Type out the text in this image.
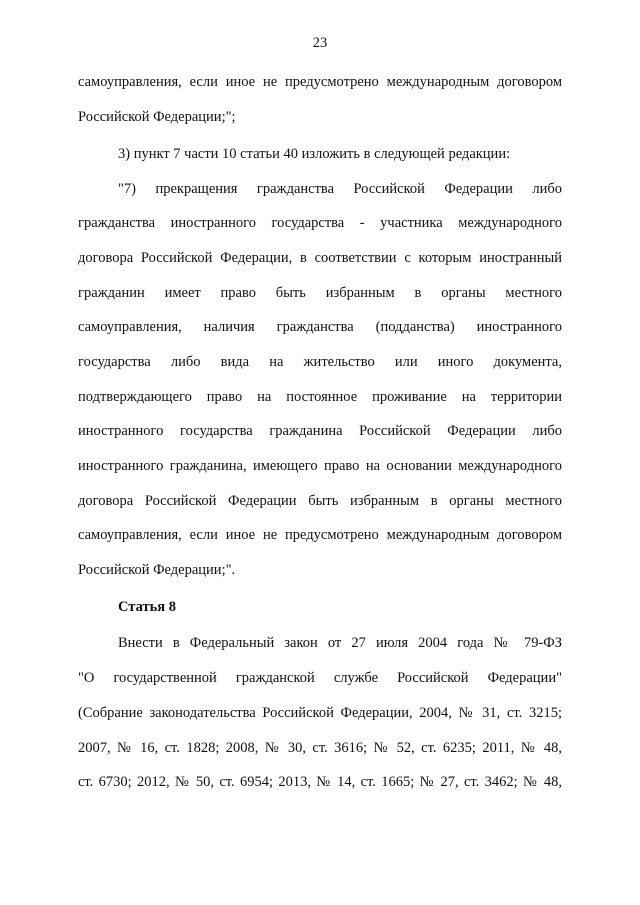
23
самоуправления, если иное не предусмотрено международным договором
Российской Федерации;";
3) пункт 7 части 10 статьи 40 изложить в следующей редакции:
"7) прекращения гражданства Российской Федерации либо
гражданства иностранного государства - участника международного
договора Российской Федерации, в соответствии с которым иностранный
гражданин имеет право быть избранным в органы местного
самоуправления, наличия гражданства (подданства) иностранного
государства либо вида на жительство или иного документа,
подтверждающего право на постоянное проживание на территории
иностранного государства гражданина Российской Федерации либо
иностранного гражданина, имеющего право на основании международного
договора Российской Федерации быть избранным в органы местного
самоуправления, если иное не предусмотрено международным договором
Российской Федерации;".
Статья 8
Внести в Федеральный закон от 27 июля 2004 года № 79-ФЗ
"О государственной гражданской службе Российской Федерации"
(Собрание законодательства Российской Федерации, 2004, № 31, ст. 3215;
2007, № 16, ст. 1828; 2008, № 30, ст. 3616; № 52, ст. 6235; 2011, № 48,
ст. 6730; 2012, № 50, ст. 6954; 2013, № 14, ст. 1665; № 27, ст. 3462; № 48,
